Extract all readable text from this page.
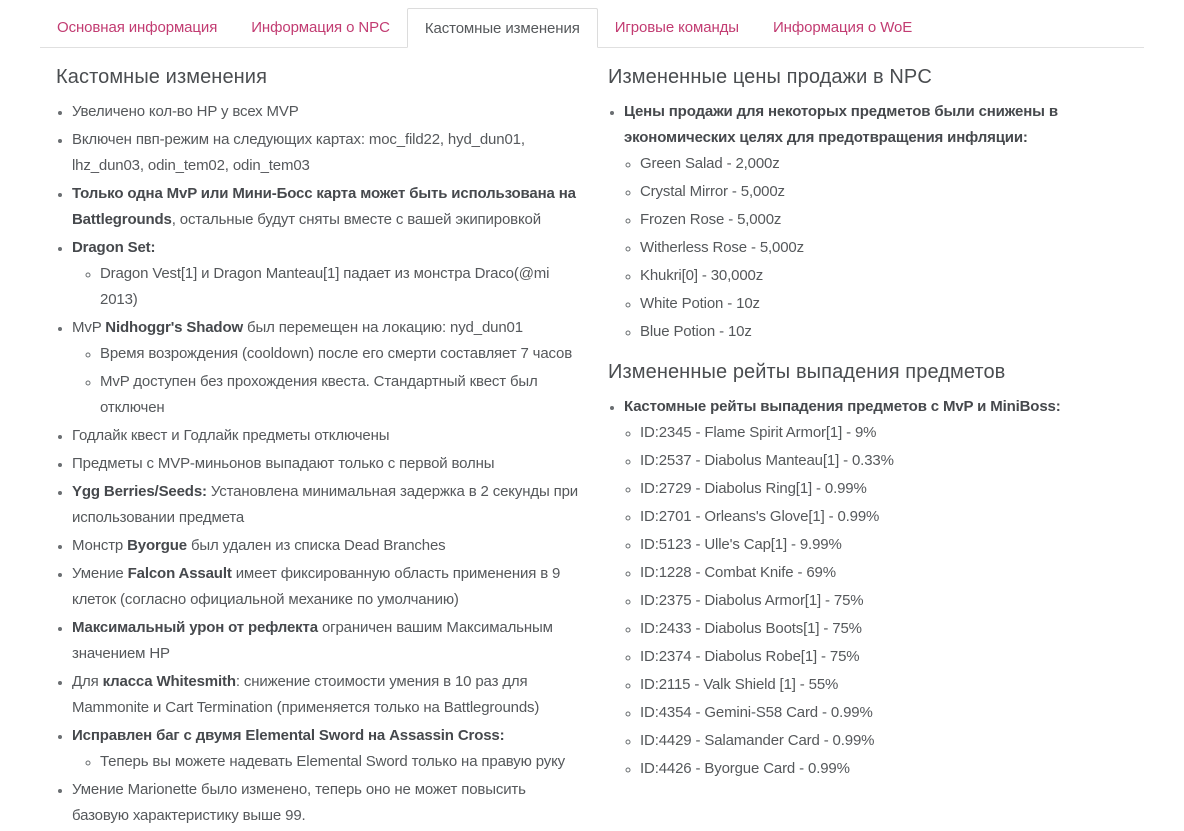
Основная информация	Информация о NPC	Кастомные изменения	Игровые команды	Информация о WoE
Кастомные изменения
• Увеличено кол-во HP у всех MVP
• Включен пвп-режим на следующих картах: moc_fild22, hyd_dun01, lhz_dun03, odin_tem02, odin_tem03
• Только одна MvP или Мини-Босс карта может быть использована на Battlegrounds, остальные будут сняты вместе с вашей экипировкой
• Dragon Set:
◦ Dragon Vest[1] и Dragon Manteau[1] падает из монстра Draco(@mi 2013)
• MvP Nidhoggr's Shadow был перемещен на локацию: nyd_dun01
◦ Время возрождения (cooldown) после его смерти составляет 7 часов
◦ MvP доступен без прохождения квеста. Стандартный квест был отключен
• Годлайк квест и Годлайк предметы отключены
• Предметы с MVP-миньонов выпадают только с первой волны
• Ygg Berries/Seeds: Установлена минимальная задержка в 2 секунды при использовании предмета
• Монстр Byorgue был удален из списка Dead Branches
• Умение Falcon Assault имеет фиксированную область применения в 9 клеток (согласно официальной механике по умолчанию)
• Максимальный урон от рефлекта ограничен вашим Максимальным значением HP
• Для класса Whitesmith: снижение стоимости умения в 10 раз для Mammonite и Cart Termination (применяется только на Battlegrounds)
• Исправлен баг с двумя Elemental Sword на Assassin Cross:
◦ Теперь вы можете надевать Elemental Sword только на правую руку
• Умение Marionette было изменено, теперь оно не может повысить базовую характеристику выше 99.
Измененные цены продажи в NPC
• Цены продажи для некоторых предметов были снижены в экономических целях для предотвращения инфляции:
◦ Green Salad - 2,000z
◦ Crystal Mirror - 5,000z
◦ Frozen Rose - 5,000z
◦ Witherless Rose - 5,000z
◦ Khukri[0] - 30,000z
◦ White Potion - 10z
◦ Blue Potion - 10z
Измененные рейты выпадения предметов
• Кастомные рейты выпадения предметов с MvP и MiniBoss:
◦ ID:2345 - Flame Spirit Armor[1] - 9%
◦ ID:2537 - Diabolus Manteau[1] - 0.33%
◦ ID:2729 - Diabolus Ring[1] - 0.99%
◦ ID:2701 - Orleans's Glove[1] - 0.99%
◦ ID:5123 - Ulle's Cap[1] - 9.99%
◦ ID:1228 - Combat Knife - 69%
◦ ID:2375 - Diabolus Armor[1] - 75%
◦ ID:2433 - Diabolus Boots[1] - 75%
◦ ID:2374 - Diabolus Robe[1] - 75%
◦ ID:2115 - Valk Shield [1] - 55%
◦ ID:4354 - Gemini-S58 Card - 0.99%
◦ ID:4429 - Salamander Card - 0.99%
◦ ID:4426 - Byorgue Card - 0.99%
